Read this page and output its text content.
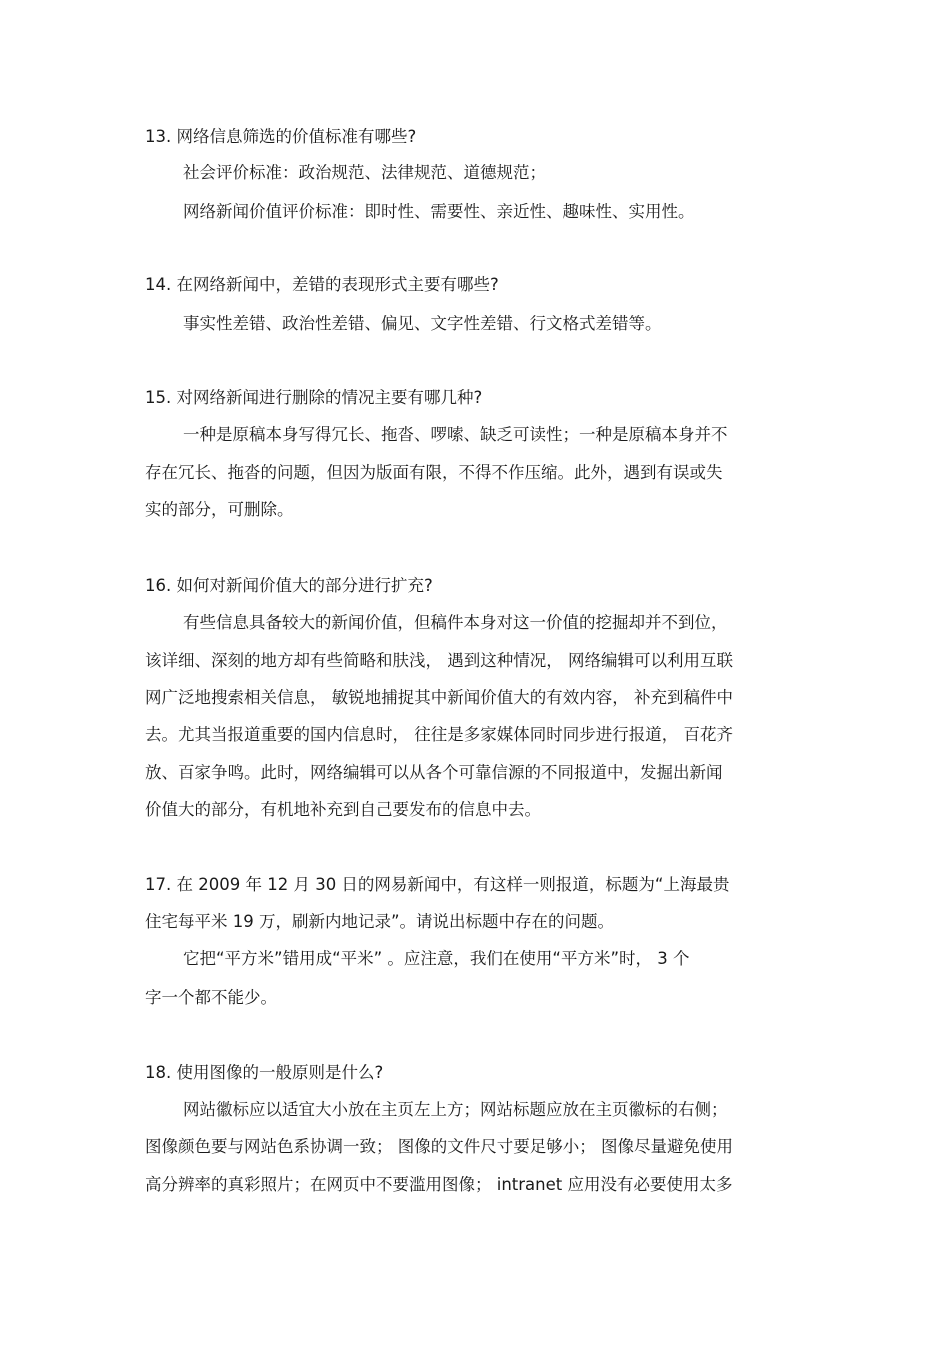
13. 网络信息筛选的价值标准有哪些?
社会评价标准：政治规范、法律规范、道德规范；
网络新闻价值评价标准：即时性、需要性、亲近性、趣味性、实用性。
14. 在网络新闻中，差错的表现形式主要有哪些?
事实性差错、政治性差错、偏见、文字性差错、行文格式差错等。
15. 对网络新闻进行删除的情况主要有哪几种?
一种是原稿本身写得冗长、拖沓、啰嗦、缺乏可读性；一种是原稿本身并不
存在冗长、拖沓的问题，但因为版面有限，不得不作压缩。此外，遇到有误或失
实的部分，可删除。
16. 如何对新闻价值大的部分进行扩充?
有些信息具备较大的新闻价值，但稿件本身对这一价值的挖掘却并不到位，
该详细、深刻的地方却有些简略和肤浅， 遇到这种情况， 网络编辑可以利用互联
网广泛地搜索相关信息， 敏锐地捕捉其中新闻价值大的有效内容， 补充到稿件中
去。尤其当报道重要的国内信息时， 往往是多家媒体同时同步进行报道， 百花齐
放、百家争鸣。此时，网络编辑可以从各个可靠信源的不同报道中，发掘出新闻
价值大的部分，有机地补充到自己要发布的信息中去。
17. 在 2009 年 12 月 30 日的网易新闻中，有这样一则报道，标题为“上海最贵
住宅每平米 19 万，刷新内地记录”。请说出标题中存在的问题。
它把“平方米”错用成“平米” 。应注意，我们在使用“平方米”时， 3 个
字一个都不能少。
18. 使用图像的一般原则是什么?
网站徽标应以适宜大小放在主页左上方；网站标题应放在主页徽标的右侧；
图像颜色要与网站色系协调一致； 图像的文件尺寸要足够小； 图像尽量避免使用
高分辨率的真彩照片；在网页中不要滥用图像； intranet 应用没有必要使用太多
